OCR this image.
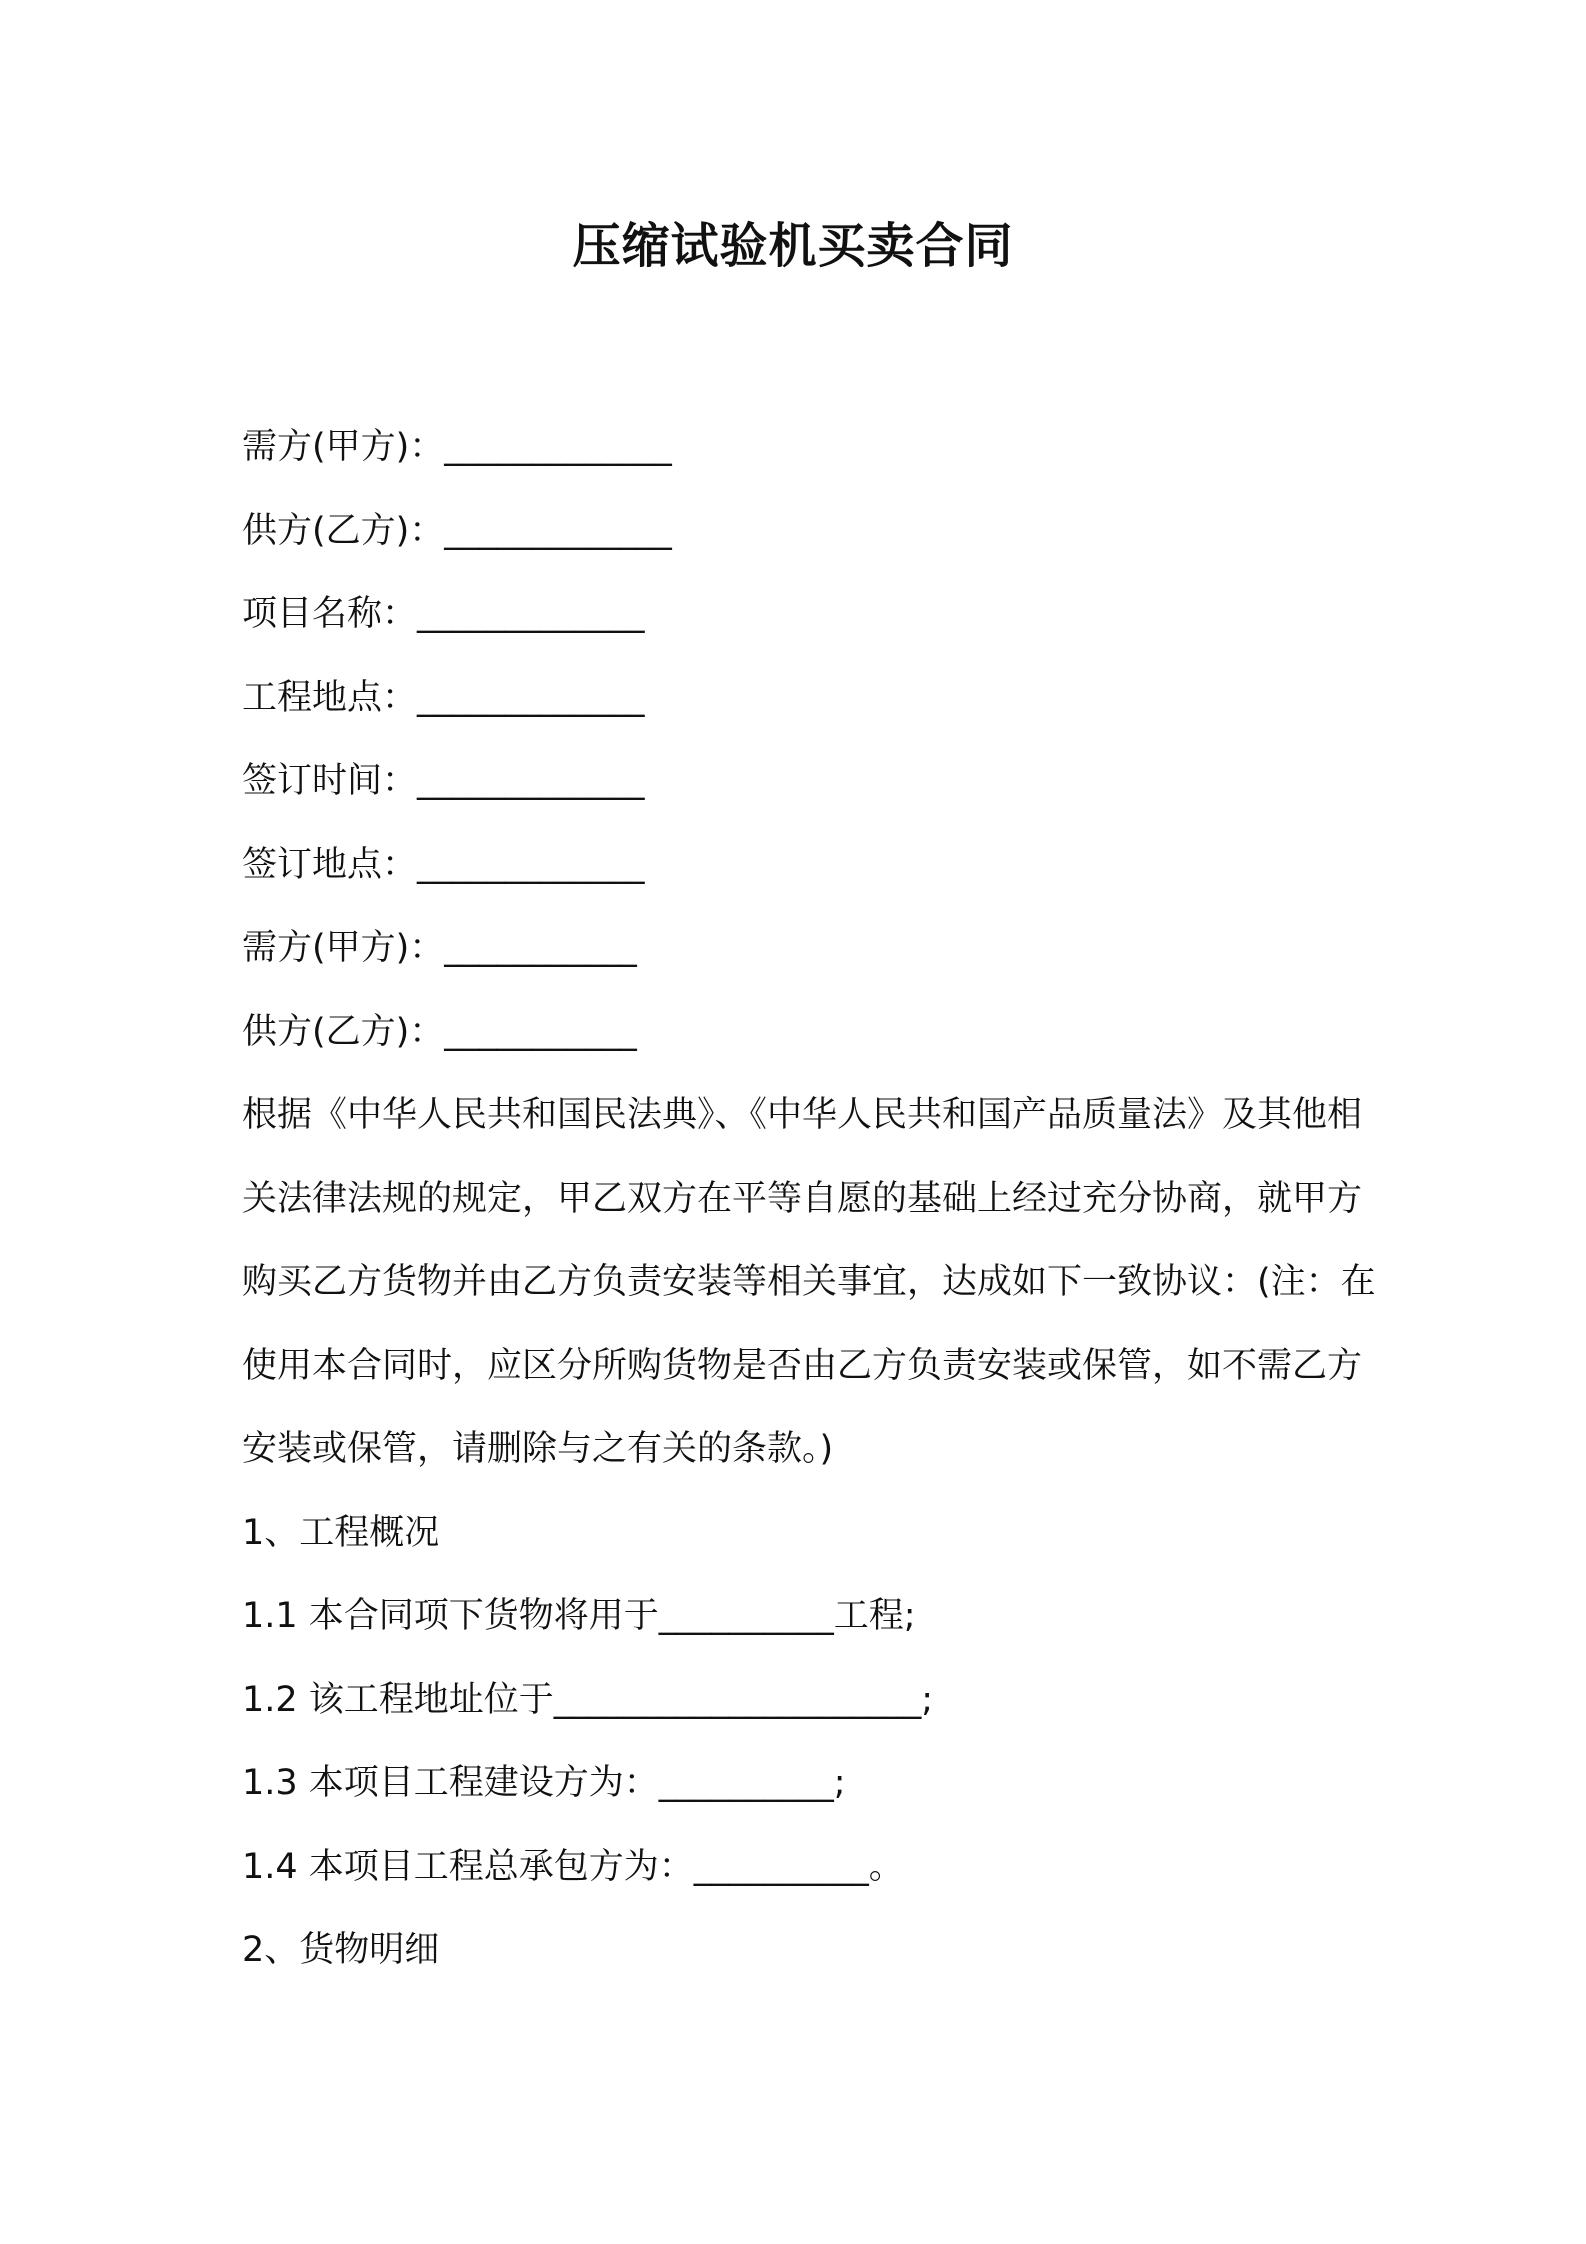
压缩试验机买卖合同
需方(甲方)：_____________
供方(乙方)：_____________
项目名称：_____________
工程地点：_____________
签订时间：_____________
签订地点：_____________
需方(甲方)：___________
供方(乙方)：___________
根据《中华人民共和国民法典》、《中华人民共和国产品质量法》及其他相关法律法规的规定，甲乙双方在平等自愿的基础上经过充分协商，就甲方购买乙方货物并由乙方负责安装等相关事宜，达成如下一致协议：(注：在使用本合同时，应区分所购货物是否由乙方负责安装或保管，如不需乙方安装或保管，请删除与之有关的条款。)
1、工程概况
1.1 本合同项下货物将用于__________工程;
1.2 该工程地址位于_____________________;
1.3 本项目工程建设方为：__________;
1.4 本项目工程总承包方为：__________。
2、货物明细
